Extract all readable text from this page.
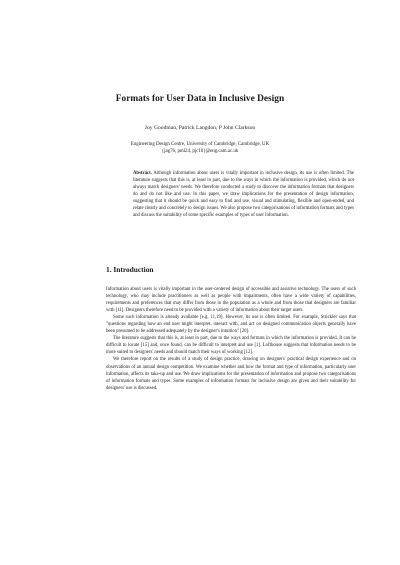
Formats for User Data in Inclusive Design
Joy Goodman, Patrick Langdon, P John Clarkson
Engineering Design Centre, University of Cambridge, Cambridge, UK
{jag76, pml24, pjc10}@eng.cam.ac.uk
Abstract. Although information about users is vitally important in inclusive design, its use is often limited. The literature suggests that this is, at least in part, due to the ways in which the information is provided, which do not always match designers' needs. We therefore conducted a study to discover the information formats that designers do and do not like and use. In this paper, we draw implications for the presentation of design information, suggesting that it should be quick and easy to find and use, visual and stimulating, flexible and open-ended, and relate clearly and concretely to design issues. We also propose two categorisations of information formats and types and discuss the suitability of some specific examples of types of user information.
1. Introduction

Information about users is vitally important in the user-centered design of accessible and assistive technology. The users of such technology, who may include practitioners as well as people with impairments, often have a wide variety of capabilities, requirements and preferences that may differ from those in the population as a whole and from those that designers are familiar with [11]. Designers therefore need to be provided with a variety of information about their target users.

Some such information is already available [e.g. 11,19]. However, its use is often limited. For example, Strickler says that "questions regarding how an end user might interpret, interact with, and act on designed communication objects generally have been presumed to be addressed adequately by the designer's intuition" [20].

The literature suggests that this is, at least in part, due to the ways and formats in which the information is provided. It can be difficult to locate [15] and, once found, can be difficult to interpret and use [1]. Lofthouse suggests that information needs to be more suited to designers' needs and should match their ways of working [12].

We therefore report on the results of a study of design practice, drawing on designers' practical design experience and on observations of an annual design competition. We examine whether and how the format and type of information, particularly user information, affects its take-up and use. We draw implications for the presentation of information and propose two categorisations of information formats and types. Some examples of information formats for inclusive design are given and their suitability for designers' use is discussed.
